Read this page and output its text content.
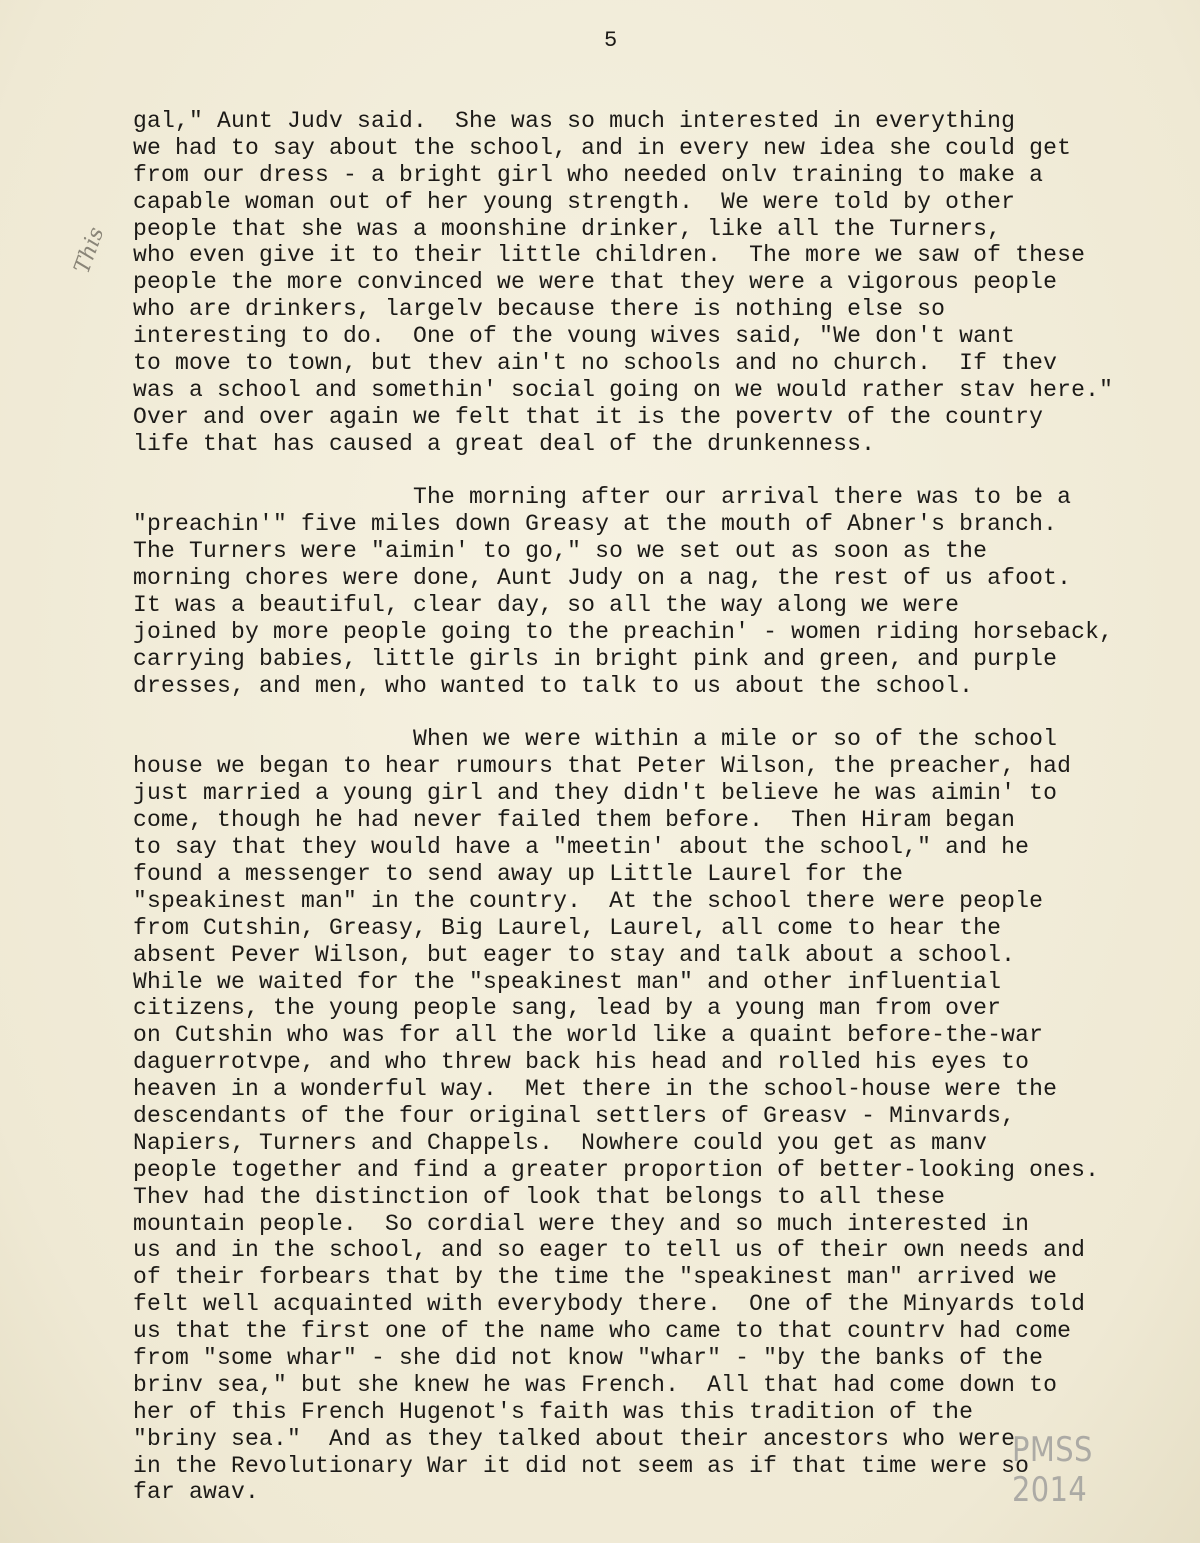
5
This
gal," Aunt Judv said.  She was so much interested in everything
we had to say about the school, and in every new idea she could get
from our dress - a bright girl who needed onlv training to make a
capable woman out of her young strength.  We were told by other
people that she was a moonshine drinker, like all the Turners,
who even give it to their little children.  The more we saw of these
people the more convinced we were that they were a vigorous people
who are drinkers, largelv because there is nothing else so
interesting to do.  One of the voung wives said, "We don't want
to move to town, but thev ain't no schools and no church.  If thev
was a school and somethin' social going on we would rather stav here."
Over and over again we felt that it is the povertv of the country
life that has caused a great deal of the drunkenness.
The morning after our arrival there was to be a
"preachin'" five miles down Greasy at the mouth of Abner's branch.
The Turners were "aimin' to go," so we set out as soon as the
morning chores were done, Aunt Judy on a nag, the rest of us afoot.
It was a beautiful, clear day, so all the way along we were
joined by more people going to the preachin' - women riding horseback,
carrying babies, little girls in bright pink and green, and purple
dresses, and men, who wanted to talk to us about the school.
When we were within a mile or so of the school
house we began to hear rumours that Peter Wilson, the preacher, had
just married a young girl and they didn't believe he was aimin' to
come, though he had never failed them before.  Then Hiram began
to say that they would have a "meetin' about the school," and he
found a messenger to send away up Little Laurel for the
"speakinest man" in the country.  At the school there were people
from Cutshin, Greasy, Big Laurel, Laurel, all come to hear the
absent Pever Wilson, but eager to stay and talk about a school.
While we waited for the "speakinest man" and other influential
citizens, the young people sang, lead by a young man from over
on Cutshin who was for all the world like a quaint before-the-war
daguerrotvpe, and who threw back his head and rolled his eyes to
heaven in a wonderful way.  Met there in the school-house were the
descendants of the four original settlers of Greasv - Minvards,
Napiers, Turners and Chappels.  Nowhere could you get as manv
people together and find a greater proportion of better-looking ones.
Thev had the distinction of look that belongs to all these
mountain people.  So cordial were they and so much interested in
us and in the school, and so eager to tell us of their own needs and
of their forbears that by the time the "speakinest man" arrived we
felt well acquainted with everybody there.  One of the Minyards told
us that the first one of the name who came to that countrv had come
from "some whar" - she did not know "whar" - "by the banks of the
brinv sea," but she knew he was French.  All that had come down to
her of this French Hugenot's faith was this tradition of the
"briny sea."  And as they talked about their ancestors who were
in the Revolutionary War it did not seem as if that time were so
far awav.
PMSS 2014
